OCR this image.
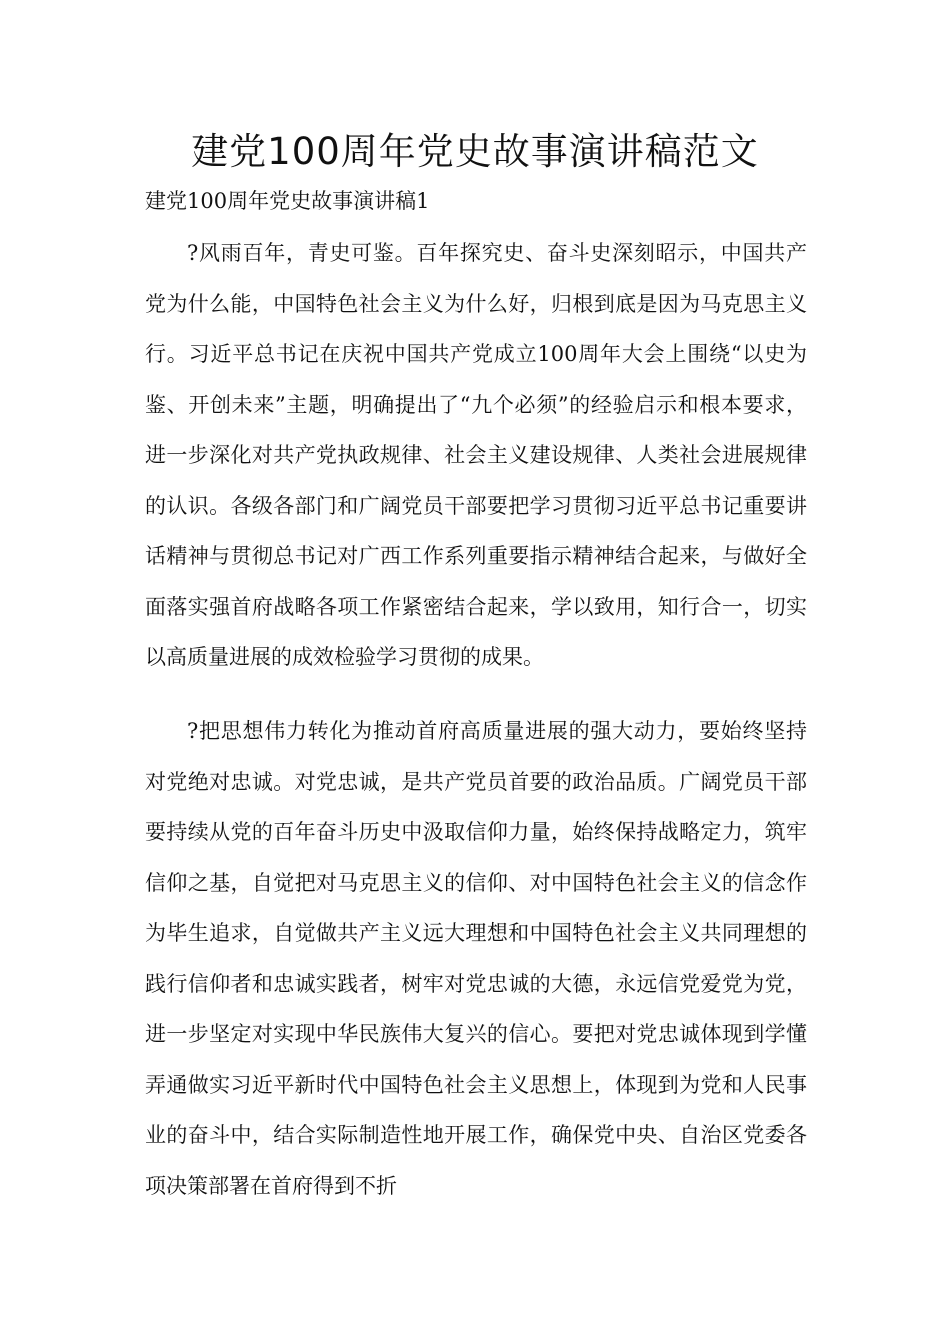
建党100周年党史故事演讲稿范文

建党100周年党史故事演讲稿1

?风雨百年，青史可鉴。百年探究史、奋斗史深刻昭示，中国共产党为什么能，中国特色社会主义为什么好，归根到底是因为马克思主义行。习近平总书记在庆祝中国共产党成立100周年大会上围绕“以史为鉴、开创未来”主题，明确提出了“九个必须”的经验启示和根本要求，进一步深化对共产党执政规律、社会主义建设规律、人类社会进展规律的认识。各级各部门和广阔党员干部要把学习贯彻习近平总书记重要讲话精神与贯彻总书记对广西工作系列重要指示精神结合起来，与做好全面落实强首府战略各项工作紧密结合起来，学以致用，知行合一，切实以高质量进展的成效检验学习贯彻的成果。

?把思想伟力转化为推动首府高质量进展的强大动力，要始终坚持对党绝对忠诚。对党忠诚，是共产党员首要的政治品质。广阔党员干部要持续从党的百年奋斗历史中汲取信仰力量，始终保持战略定力，筑牢信仰之基，自觉把对马克思主义的信仰、对中国特色社会主义的信念作为毕生追求，自觉做共产主义远大理想和中国特色社会主义共同理想的践行信仰者和忠诚实践者，树牢对党忠诚的大德，永远信党爱党为党，进一步坚定对实现中华民族伟大复兴的信心。要把对党忠诚体现到学懂弄通做实习近平新时代中国特色社会主义思想上，体现到为党和人民事业的奋斗中，结合实际制造性地开展工作，确保党中央、自治区党委各项决策部署在首府得到不折
